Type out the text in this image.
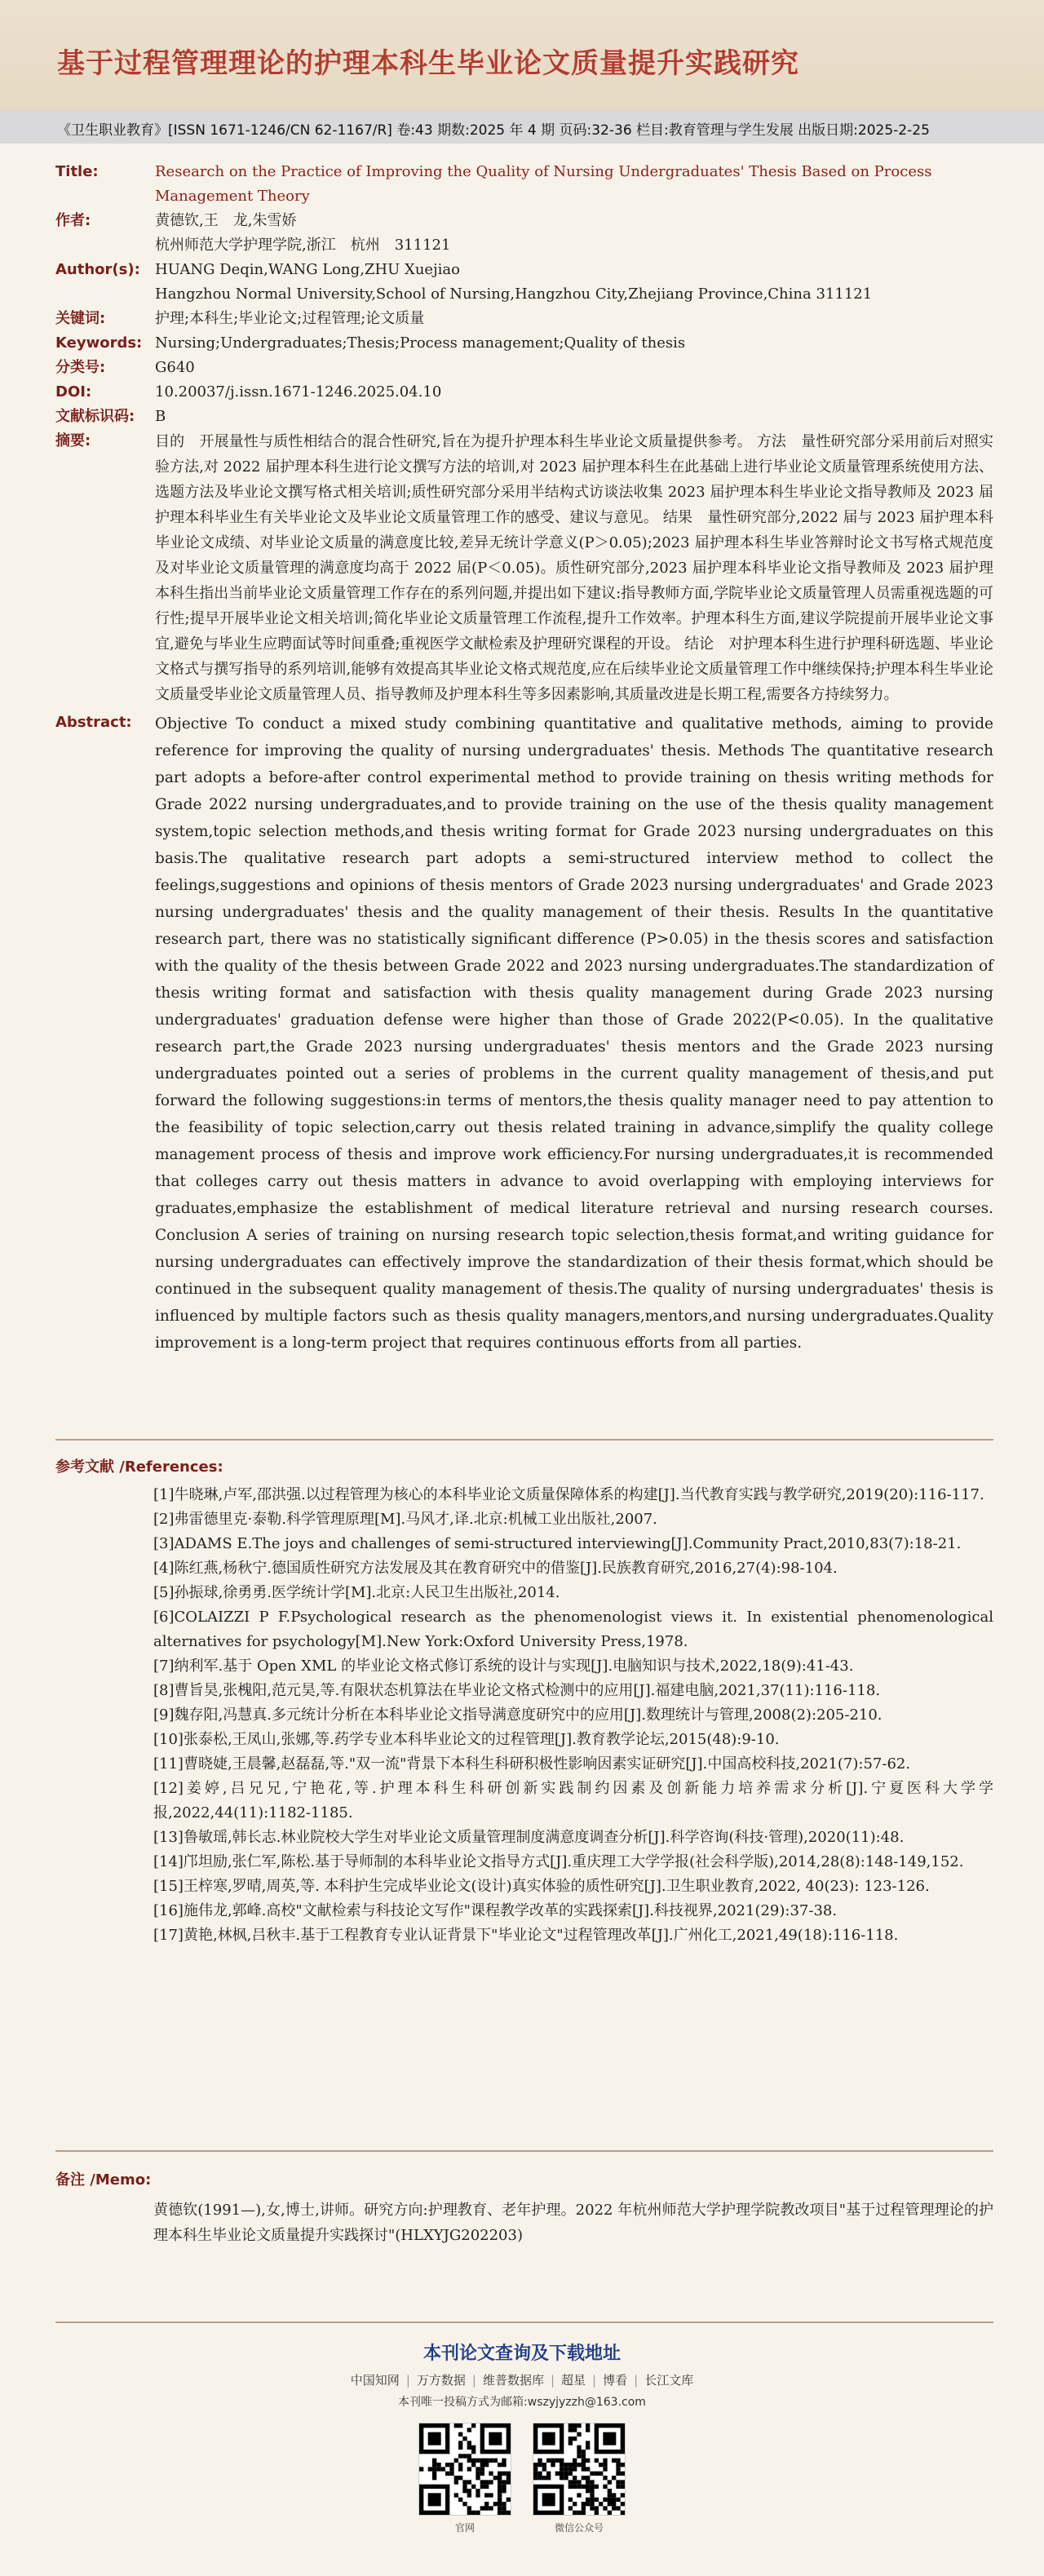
基于过程管理理论的护理本科生毕业论文质量提升实践研究
《卫生职业教育》[ISSN 1671-1246/CN 62-1167/R] 卷:43 期数:2025 年 4 期 页码:32-36 栏目:教育管理与学生发展 出版日期:2025-2-25
Title:	Research on the Practice of Improving the Quality of Nursing Undergraduates' Thesis Based on Process Management Theory
作者:	黄德钦,王　龙,朱雪娇
杭州师范大学护理学院,浙江　杭州　311121
Author(s):	HUANG Deqin,WANG Long,ZHU Xuejiao
Hangzhou Normal University,School of Nursing,Hangzhou City,Zhejiang Province,China 311121
关键词:	护理;本科生;毕业论文;过程管理;论文质量
Keywords: Nursing;Undergraduates;Thesis;Process management;Quality of thesis
分类号:	G640
DOI:	10.20037/j.issn.1671-1246.2025.04.10
文献标识码:	B
摘要:	目的　开展量性与质性相结合的混合性研究,旨在为提升护理本科生毕业论文质量提供参考。 方法　量性研究部分采用前后对照实验方法,对 2022 届护理本科生进行论文撰写方法的培训,对 2023 届护理本科生在此基础上进行毕业论文质量管理系统使用方法、选题方法及毕业论文撰写格式相关培训;质性研究部分采用半结构式访谈法收集 2023 届护理本科生毕业论文指导教师及 2023 届护理本科毕业生有关毕业论文及毕业论文质量管理工作的感受、建议与意见。 结果　量性研究部分,2022 届与 2023 届护理本科毕业论文成绩、对毕业论文质量的满意度比较,差异无统计学意义(P＞0.05);2023 届护理本科生毕业答辩时论文书写格式规范度及对毕业论文质量管理的满意度均高于 2022 届(P＜0.05)。质性研究部分,2023 届护理本科毕业论文指导教师及 2023 届护理本科生指出当前毕业论文质量管理工作存在的系列问题,并提出如下建议:指导教师方面,学院毕业论文质量管理人员需重视选题的可行性;提早开展毕业论文相关培训;简化毕业论文质量管理工作流程,提升工作效率。护理本科生方面,建议学院提前开展毕业论文事宜,避免与毕业生应聘面试等时间重叠;重视医学文献检索及护理研究课程的开设。 结论　对护理本科生进行护理科研选题、毕业论文格式与撰写指导的系列培训,能够有效提高其毕业论文格式规范度,应在后续毕业论文质量管理工作中继续保持;护理本科生毕业论文质量受毕业论文质量管理人员、指导教师及护理本科生等多因素影响,其质量改进是长期工程,需要各方持续努力。
Abstract:	Objective To conduct a mixed study combining quantitative and qualitative methods, aiming to provide reference for improving the quality of nursing undergraduates' thesis. Methods The quantitative research part adopts a before-after control experimental method to provide training on thesis writing methods for Grade 2022 nursing undergraduates,and to provide training on the use of the thesis quality management system,topic selection methods,and thesis writing format for Grade 2023 nursing undergraduates on this basis.The qualitative research part adopts a semi-structured interview method to collect the feelings,suggestions and opinions of thesis mentors of Grade 2023 nursing undergraduates' and Grade 2023 nursing undergraduates' thesis and the quality management of their thesis. Results In the quantitative research part, there was no statistically significant difference (P>0.05) in the thesis scores and satisfaction with the quality of the thesis between Grade 2022 and 2023 nursing undergraduates.The standardization of thesis writing format and satisfaction with thesis quality management during Grade 2023 nursing undergraduates' graduation defense were higher than those of Grade 2022(P<0.05). In the qualitative research part,the Grade 2023 nursing undergraduates' thesis mentors and the Grade 2023 nursing undergraduates pointed out a series of problems in the current quality management of thesis,and put forward the following suggestions:in terms of mentors,the thesis quality manager need to pay attention to the feasibility of topic selection,carry out thesis related training in advance,simplify the quality college management process of thesis and improve work efficiency.For nursing undergraduates,it is recommended that colleges carry out thesis matters in advance to avoid overlapping with employing interviews for graduates,emphasize the establishment of medical literature retrieval and nursing research courses. Conclusion A series of training on nursing research topic selection,thesis format,and writing guidance for nursing undergraduates can effectively improve the standardization of their thesis format,which should be continued in the subsequent quality management of thesis.The quality of nursing undergraduates' thesis is influenced by multiple factors such as thesis quality managers,mentors,and nursing undergraduates.Quality improvement is a long-term project that requires continuous efforts from all parties.
参考文献 /References:
[1]牛晓琳,卢军,邵洪强.以过程管理为核心的本科毕业论文质量保障体系的构建[J].当代教育实践与教学研究,2019(20):116-117.
[2]弗雷德里克·泰勒.科学管理原理[M].马风才,译.北京:机械工业出版社,2007.
[3]ADAMS E.The joys and challenges of semi-structured interviewing[J].Community Pract,2010,83(7):18-21.
[4]陈红燕,杨秋宁.德国质性研究方法发展及其在教育研究中的借鉴[J].民族教育研究,2016,27(4):98-104.
[5]孙振球,徐勇勇.医学统计学[M].北京:人民卫生出版社,2014.
[6]COLAIZZI P F.Psychological research as the phenomenologist views it. In existential phenomenological alternatives for psychology[M].New York:Oxford University Press,1978.
[7]纳利军.基于 Open XML 的毕业论文格式修订系统的设计与实现[J].电脑知识与技术,2022,18(9):41-43.
[8]曹旨昊,张槐阳,范元昊,等.有限状态机算法在毕业论文格式检测中的应用[J].福建电脑,2021,37(11):116-118.
[9]魏存阳,冯慧真.多元统计分析在本科毕业论文指导满意度研究中的应用[J].数理统计与管理,2008(2):205-210.
[10]张泰松,王凤山,张娜,等.药学专业本科毕业论文的过程管理[J].教育教学论坛,2015(48):9-10.
[11]曹晓婕,王晨馨,赵磊磊,等."双一流"背景下本科生科研积极性影响因素实证研究[J].中国高校科技,2021(7):57-62.
[12]姜婷,吕兄兄,宁艳花,等.护理本科生科研创新实践制约因素及创新能力培养需求分析[J].宁夏医科大学学报,2022,44(11):1182-1185.
[13]鲁敏瑶,韩长志.林业院校大学生对毕业论文质量管理制度满意度调查分析[J].科学咨询(科技·管理),2020(11):48.
[14]邝坦励,张仁军,陈松.基于导师制的本科毕业论文指导方式[J].重庆理工大学学报(社会科学版),2014,28(8):148-149,152.
[15]王梓寒,罗晴,周英,等. 本科护生完成毕业论文(设计)真实体验的质性研究[J].卫生职业教育,2022, 40(23): 123-126.
[16]施伟龙,郭峰.高校"文献检索与科技论文写作"课程教学改革的实践探索[J].科技视界,2021(29):37-38.
[17]黄艳,林枫,吕秋丰.基于工程教育专业认证背景下"毕业论文"过程管理改革[J].广州化工,2021,49(18):116-118.
备注 /Memo:
黄德钦(1991—),女,博士,讲师。研究方向:护理教育、老年护理。2022 年杭州师范大学护理学院教改项目"基于过程管理理论的护理本科生毕业论文质量提升实践探讨"(HLXYJG202203)
本刊论文查询及下载地址
中国知网 | 万方数据 | 维普数据库 | 超星 | 博看 | 长江文库
本刊唯一投稿方式为邮箱:wszyjyzzh@163.com
官网	微信公众号
